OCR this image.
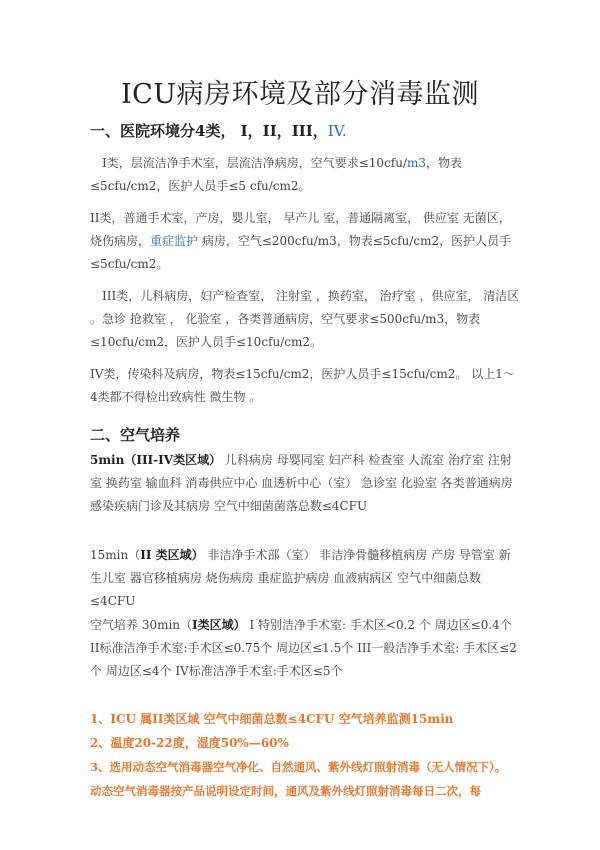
ICU病房环境及部分消毒监测
一、医院环境分4类， I，II，III，IV.
I类，层流洁净手术室，层流洁净病房，空气要求≤10cfu/m3，物表≤5cfu/cm2，医护人员手≤5 cfu/cm2。
II类，普通手术室，产房，婴儿室， 早产儿 室，普通隔离室， 供应室 无菌区，烧伤病房，重症监护 病房，空气≤200cfu/m3，物表≤5cfu/cm2，医护人员手≤5cfu/cm2。
III类，儿科病房，妇产检查室， 注射室 ，换药室， 治疗室 ，供应室， 清洁区 。急诊 抢救室 ， 化验室 ，各类普通病房，空气要求≤500cfu/m3，物表≤10cfu/cm2，医护人员手≤10cfu/cm2。
IV类，传染科及病房，物表≤15cfu/cm2，医护人员手≤15cfu/cm2。 以上1～4类都不得检出致病性 微生物 。
二、空气培养
5min（III-IV类区域） 儿科病房 母婴同室 妇产科 检查室 人流室 治疗室 注射室 换药室 输血科 消毒供应中心 血透析中心（室） 急诊室 化验室 各类普通病房 感染疾病门诊及其病房 空气中细菌菌落总数≤4CFU
15min（II 类区域） 非洁净手术部（室） 非洁净骨髓移植病房 产房 导管室 新生儿室 器官移植病房 烧伤病房 重症监护病房 血液病病区 空气中细菌总数≤4CFU
空气培养 30min（I类区域） I 特别洁净手术室: 手术区<0.2 个 周边区≤0.4个 II标准洁净手术室:手术区≤0.75个 周边区≤1.5个 III一般洁净手术室: 手术区≤2个 周边区≤4个 IV标准洁净手术室:手术区≤5个
1、ICU 属II类区域 空气中细菌总数≤4CFU 空气培养监测15min
2、温度20-22度，湿度50%—60%
3、选用动态空气消毒器空气净化、自然通风、紫外线灯照射消毒（无人情况下）。
动态空气消毒器按产品说明设定时间，通风及紫外线灯照射消毒每日二次，每
